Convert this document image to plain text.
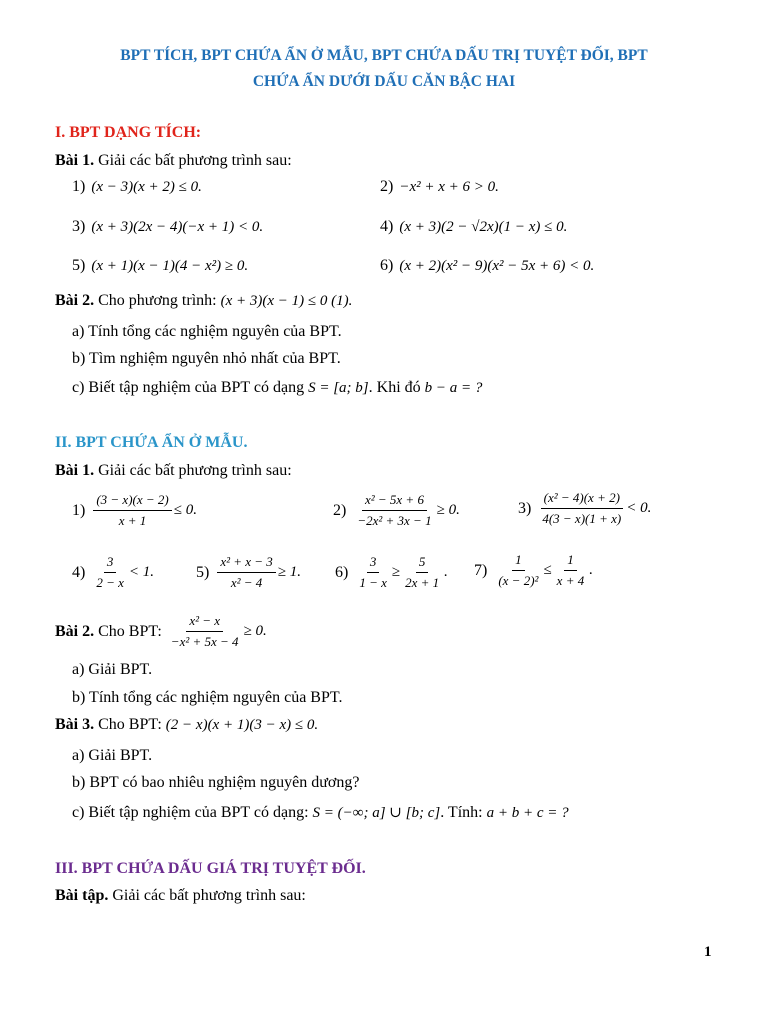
BPT TÍCH, BPT CHỨA ẨN Ở MẪU, BPT CHỨA DẤU TRỊ TUYỆT ĐỐI, BPT
CHỨA ẨN DƯỚI DẤU CĂN BẬC HAI
I. BPT DẠNG TÍCH:
Bài 1. Giải các bất phương trình sau:
1) (x − 3)(x + 2) ≤ 0.	2) −x² + x + 6 > 0.
3) (x + 3)(2x − 4)(−x + 1) < 0.	4) (x + 3)(2 − √2x)(1 − x) ≤ 0.
5) (x + 1)(x − 1)(4 − x²) ≥ 0.	6) (x + 2)(x² − 9)(x² − 5x + 6) < 0.
Bài 2. Cho phương trình: (x + 3)(x − 1) ≤ 0 (1).
a) Tính tổng các nghiệm nguyên của BPT.
b) Tìm nghiệm nguyên nhỏ nhất của BPT.
c) Biết tập nghiệm của BPT có dạng S = [a; b]. Khi đó b − a = ?
II. BPT CHỨA ẨN Ở MẪU.
Bài 1. Giải các bất phương trình sau:
$1) \frac{(3 - x)(x - 2)}{x + 1} \le 0$.	$2) \frac{\text{x² − 5x + 6}}{\text{−2x² + 3x − 1}} \ge 0$.	$3) \frac{\text{(x² − 4)(x + 2)}}{4(3 - x)(1 + x)} < 0$.
$4) \frac{3}{2 - x} < 1$.	$5) \frac{\text{x² + x − 3}}{\text{x² − 4}} \ge 1$. $6) \frac{3}{1 - x} \ge \frac{5}{2x + 1}$ . $7) \frac{1}{\text{(x − 2)²}} \le \frac{1}{x + 4}$ .
Bài 2. Cho BPT: $\frac{\text{x² − x}}{\text{−x² + 5x − 4}} \ge 0$.
a) Giải BPT.
b) Tính tổng các nghiệm nguyên của BPT.
Bài 3. Cho BPT: (2 − x)(x + 1)(3 − x) ≤ 0.
a) Giải BPT.
b) BPT có bao nhiêu nghiệm nguyên dương?
c) Biết tập nghiệm của BPT có dạng: S = (−∞; a] ∪ [b; c]. Tính: a + b + c = ?
III. BPT CHỨA DẤU GIÁ TRỊ TUYỆT ĐỐI.
Bài tập. Giải các bất phương trình sau:
1
